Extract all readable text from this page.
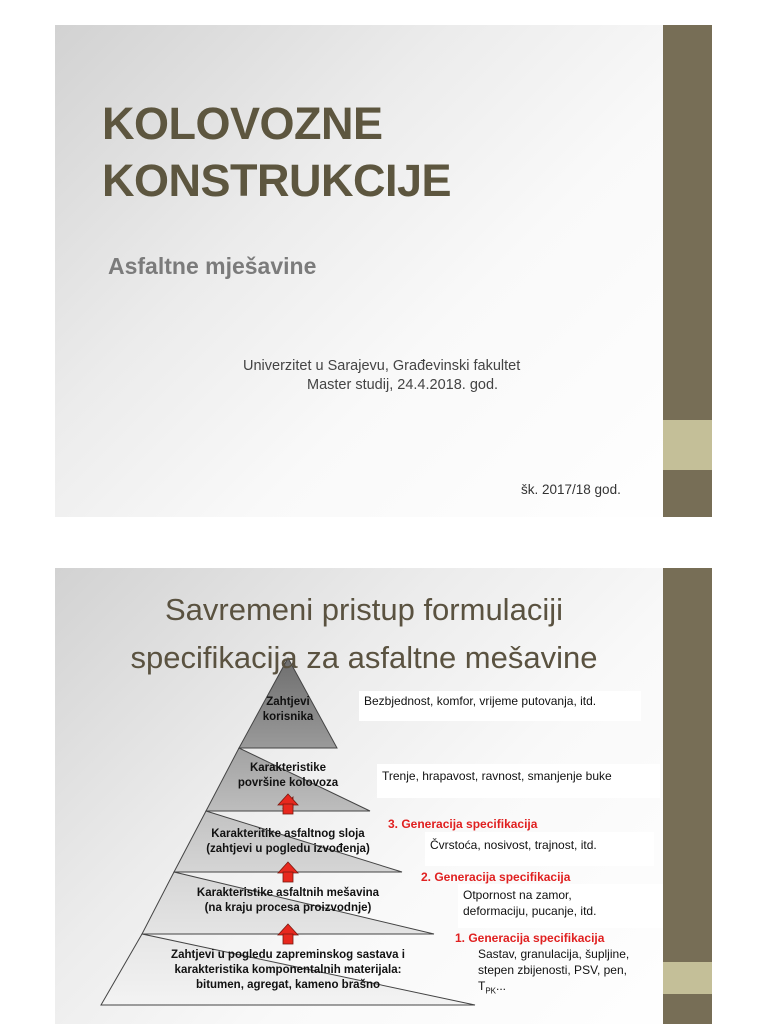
KOLOVOZNE
KONSTRUKCIJE
Asfaltne mješavine
Univerzitet u Sarajevu, Građevinski fakultet
Master studij, 24.4.2018. god.
šk. 2017/18 god.
Savremeni pristup formulaciji
specifikacija za asfaltne mešavine
Zahtjevi
korisnika
Karakteristike
površine kolovoza
Karakteritike asfaltnog sloja
(zahtjevi u pogledu izvođenja)
Karakteristike asfaltnih mešavina
(na kraju procesa proizvodnje)
Zahtjevi u pogledu zapreminskog sastava i
karakteristika komponentalnih materijala:
bitumen, agregat, kameno brašno
Bezbjednost, komfor, vrijeme putovanja, itd.
Trenje, hrapavost, ravnost, smanjenje buke
Čvrstoća, nosivost, trajnost, itd.
Otpornost na zamor,
deformaciju, pucanje, itd.
Sastav, granulacija, šupljine,
stepen zbijenosti, PSV, pen,
$T_{PK}$...
3. Generacija specifikacija
2. Generacija specifikacija
1. Generacija specifikacija
